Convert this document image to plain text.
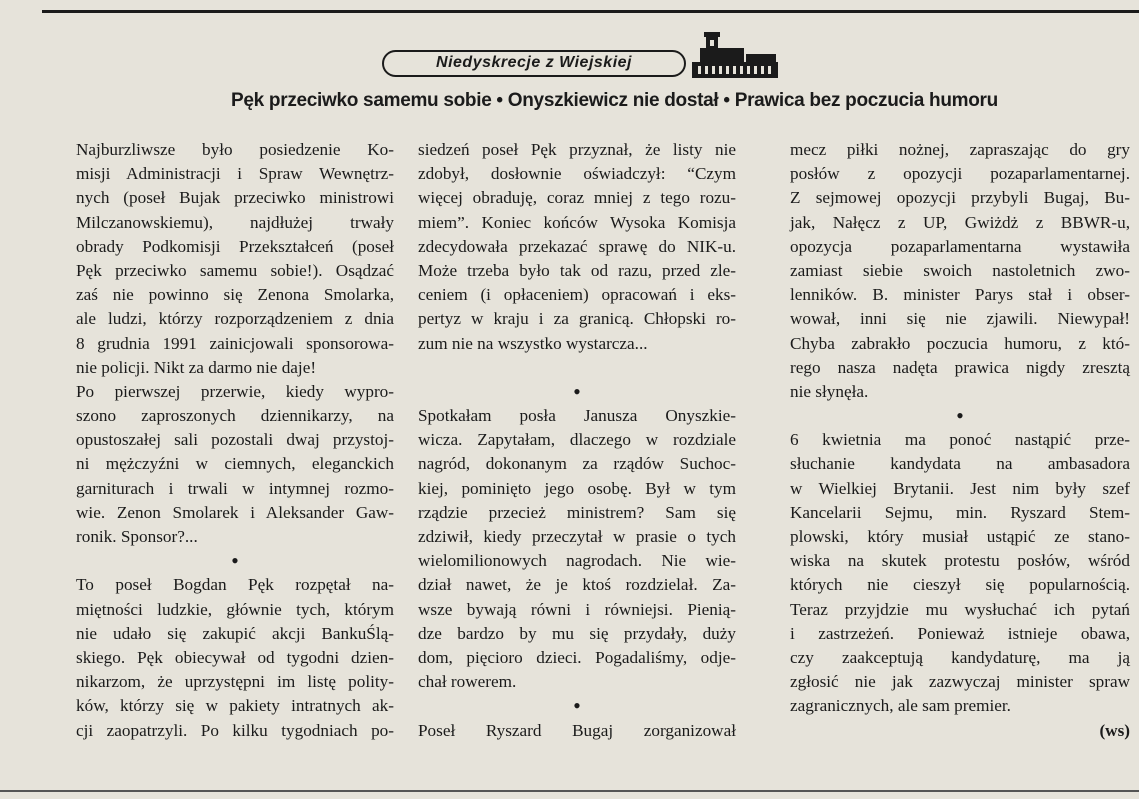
Niedyskrecje z Wiejskiej
Pęk przeciwko samemu sobie • Onyszkiewicz nie dostał • Prawica bez poczucia humoru
Najburzliwsze było posiedzenie Ko-
misji Administracji i Spraw Wewnętrz-
nych (poseł Bujak przeciwko ministrowi
Milczanowskiemu), najdłużej trwały
obrady Podkomisji Przekształceń (poseł
Pęk przeciwko samemu sobie!). Osądzać
zaś nie powinno się Zenona Smolarka,
ale ludzi, którzy rozporządzeniem z dnia
8 grudnia 1991 zainicjowali sponsorowa-
nie policji. Nikt za darmo nie daje!
Po pierwszej przerwie, kiedy wypro-
szono zaproszonych dziennikarzy, na
opustoszałej sali pozostali dwaj przystoj-
ni mężczyźni w ciemnych, eleganckich
garniturach i trwali w intymnej rozmo-
wie. Zenon Smolarek i Aleksander Gaw-
ronik. Sponsor?...
•
To poseł Bogdan Pęk rozpętał na-
miętności ludzkie, głównie tych, którym
nie udało się zakupić akcji BankuŚlą-
skiego. Pęk obiecywał od tygodni dzien-
nikarzom, że uprzystępni im listę polity-
ków, którzy się w pakiety intratnych ak-
cji zaopatrzyli. Po kilku tygodniach po-
siedzeń poseł Pęk przyznał, że listy nie
zdobył, dosłownie oświadczył: “Czym
więcej obraduję, coraz mniej z tego rozu-
miem”. Koniec końców Wysoka Komisja
zdecydowała przekazać sprawę do NIK-u.
Może trzeba było tak od razu, przed zle-
ceniem (i opłaceniem) opracowań i eks-
pertyz w kraju i za granicą. Chłopski ro-
zum nie na wszystko wystarcza...
•
Spotkałam posła Janusza Onyszkie-
wicza. Zapytałam, dlaczego w rozdziale
nagród, dokonanym za rządów Suchoc-
kiej, pominięto jego osobę. Był w tym
rządzie przecież ministrem? Sam się
zdziwił, kiedy przeczytał w prasie o tych
wielomilionowych nagrodach. Nie wie-
dział nawet, że je ktoś rozdzielał. Za-
wsze bywają równi i równiejsi. Pienią-
dze bardzo by mu się przydały, duży
dom, pięcioro dzieci. Pogadaliśmy, odje-
chał rowerem.
•
Poseł Ryszard Bugaj zorganizował
mecz piłki nożnej, zapraszając do gry
posłów z opozycji pozaparlamentarnej.
Z sejmowej opozycji przybyli Bugaj, Bu-
jak, Nałęcz z UP, Gwiżdż z BBWR-u,
opozycja pozaparlamentarna wystawiła
zamiast siebie swoich nastoletnich zwo-
lenników. B. minister Parys stał i obser-
wował, inni się nie zjawili. Niewypał!
Chyba zabrakło poczucia humoru, z któ-
rego nasza nadęta prawica nigdy zresztą
nie słynęła.
•
6 kwietnia ma ponoć nastąpić prze-
słuchanie kandydata na ambasadora
w Wielkiej Brytanii. Jest nim były szef
Kancelarii Sejmu, min. Ryszard Stem-
plowski, który musiał ustąpić ze stano-
wiska na skutek protestu posłów, wśród
których nie cieszył się popularnością.
Teraz przyjdzie mu wysłuchać ich pytań
i zastrzeżeń. Ponieważ istnieje obawa,
czy zaakceptują kandydaturę, ma ją
zgłosić nie jak zazwyczaj minister spraw
zagranicznych, ale sam premier.
(ws)
